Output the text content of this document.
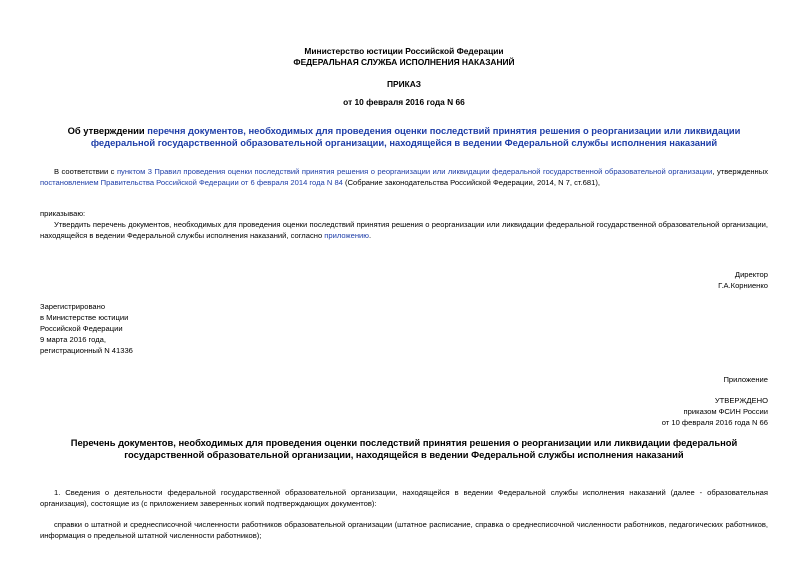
Министерство юстиции Российской Федерации
ФЕДЕРАЛЬНАЯ СЛУЖБА ИСПОЛНЕНИЯ НАКАЗАНИЙ
ПРИКАЗ
от 10 февраля 2016 года N 66
Об утверждении перечня документов, необходимых для проведения оценки последствий принятия решения о реорганизации или ликвидации федеральной государственной образовательной организации, находящейся в ведении Федеральной службы исполнения наказаний
В соответствии с пунктом 3 Правил проведения оценки последствий принятия решения о реорганизации или ликвидации федеральной государственной образовательной организации, утвержденных постановлением Правительства Российской Федерации от 6 февраля 2014 года N 84 (Собрание законодательства Российской Федерации, 2014, N 7, ст.681),
приказываю:
Утвердить перечень документов, необходимых для проведения оценки последствий принятия решения о реорганизации или ликвидации федеральной государственной образовательной организации, находящейся в ведении Федеральной службы исполнения наказаний, согласно приложению.
Директор
Г.А.Корниенко
Зарегистрировано
в Министерстве юстиции
Российской Федерации
9 марта 2016 года,
регистрационный N 41336
Приложение
УТВЕРЖДЕНО
приказом ФСИН России
от 10 февраля 2016 года N 66
Перечень документов, необходимых для проведения оценки последствий принятия решения о реорганизации или ликвидации федеральной государственной образовательной организации, находящейся в ведении Федеральной службы исполнения наказаний
1. Сведения о деятельности федеральной государственной образовательной организации, находящейся в ведении Федеральной службы исполнения наказаний (далее - образовательная организация), состоящие из (с приложением заверенных копий подтверждающих документов):
справки о штатной и среднесписочной численности работников образовательной организации (штатное расписание, справка о среднесписочной численности работников, педагогических работников, информация о предельной штатной численности работников);
